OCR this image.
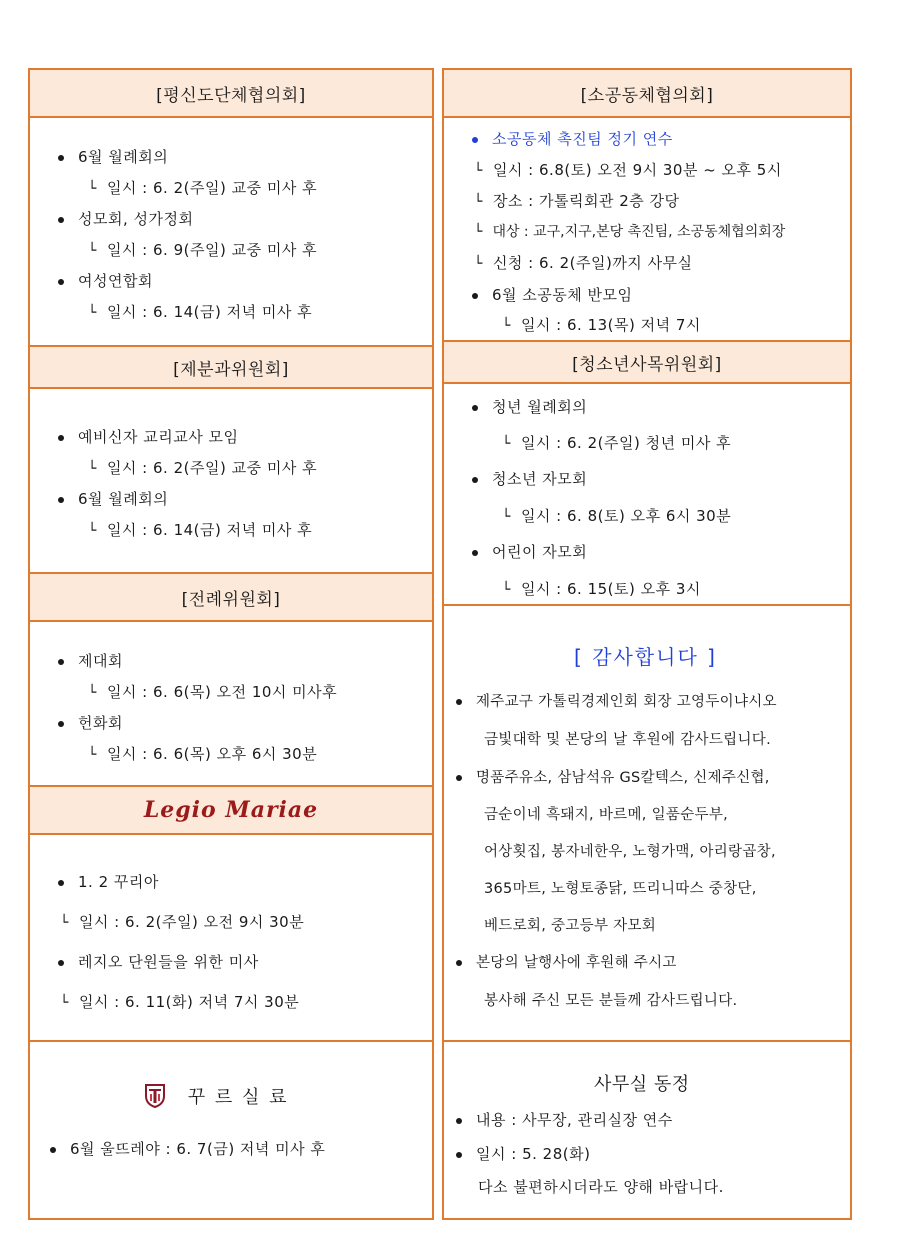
[평신도단체협의회]
6월 월례회의
└ 일시 : 6. 2(주일) 교중 미사 후
성모회, 성가정회
└ 일시 : 6. 9(주일) 교중 미사 후
여성연합회
└ 일시 : 6. 14(금) 저녁 미사 후
[제분과위원회]
예비신자 교리교사 모임
└ 일시 : 6. 2(주일) 교중 미사 후
6월 월례회의
└ 일시 : 6. 14(금) 저녁 미사 후
[전례위원회]
제대회
└ 일시 : 6. 6(목) 오전 10시 미사후
헌화회
└ 일시 : 6. 6(목) 오후 6시 30분
Legio Mariae
1. 2 꾸리아
└ 일시 : 6. 2(주일) 오전 9시 30분
레지오 단원들을 위한 미사
└ 일시 : 6. 11(화) 저녁 7시 30분
꾸 르 실 료
6월 울뜨레야 : 6. 7(금) 저녁 미사 후
[소공동체협의회]
소공동체 촉진팀 정기 연수
└ 일시 : 6.8(토) 오전 9시 30분 ~ 오후 5시
└ 장소 : 가톨릭회관 2층 강당
└ 대상 : 교구,지구,본당 촉진팀, 소공동체협의회장
└ 신청 : 6. 2(주일)까지 사무실
6월 소공동체 반모임
└ 일시 : 6. 13(목) 저녁 7시
[청소년사목위원회]
청년 월례회의
└ 일시 : 6. 2(주일) 청년 미사 후
청소년 자모회
└ 일시 : 6. 8(토) 오후 6시 30분
어린이 자모회
└ 일시 : 6. 15(토) 오후 3시
[ 감사합니다 ]
제주교구 가톨릭경제인회 회장 고영두이냐시오
금빛대학 및 본당의 날 후원에 감사드립니다.
명품주유소, 삼남석유 GS칼텍스, 신제주신협,
금순이네 흑돼지, 바르메, 일품순두부,
어상횟집, 봉자네한우, 노형가맥, 아리랑곱창,
365마트, 노형토종닭, 뜨리니따스 중창단,
베드로회, 중고등부 자모회
본당의 날행사에 후원해 주시고
봉사해 주신 모든 분들께 감사드립니다.
사무실 동정
내용 : 사무장, 관리실장 연수
일시 : 5. 28(화)
다소 불편하시더라도 양해 바랍니다.
